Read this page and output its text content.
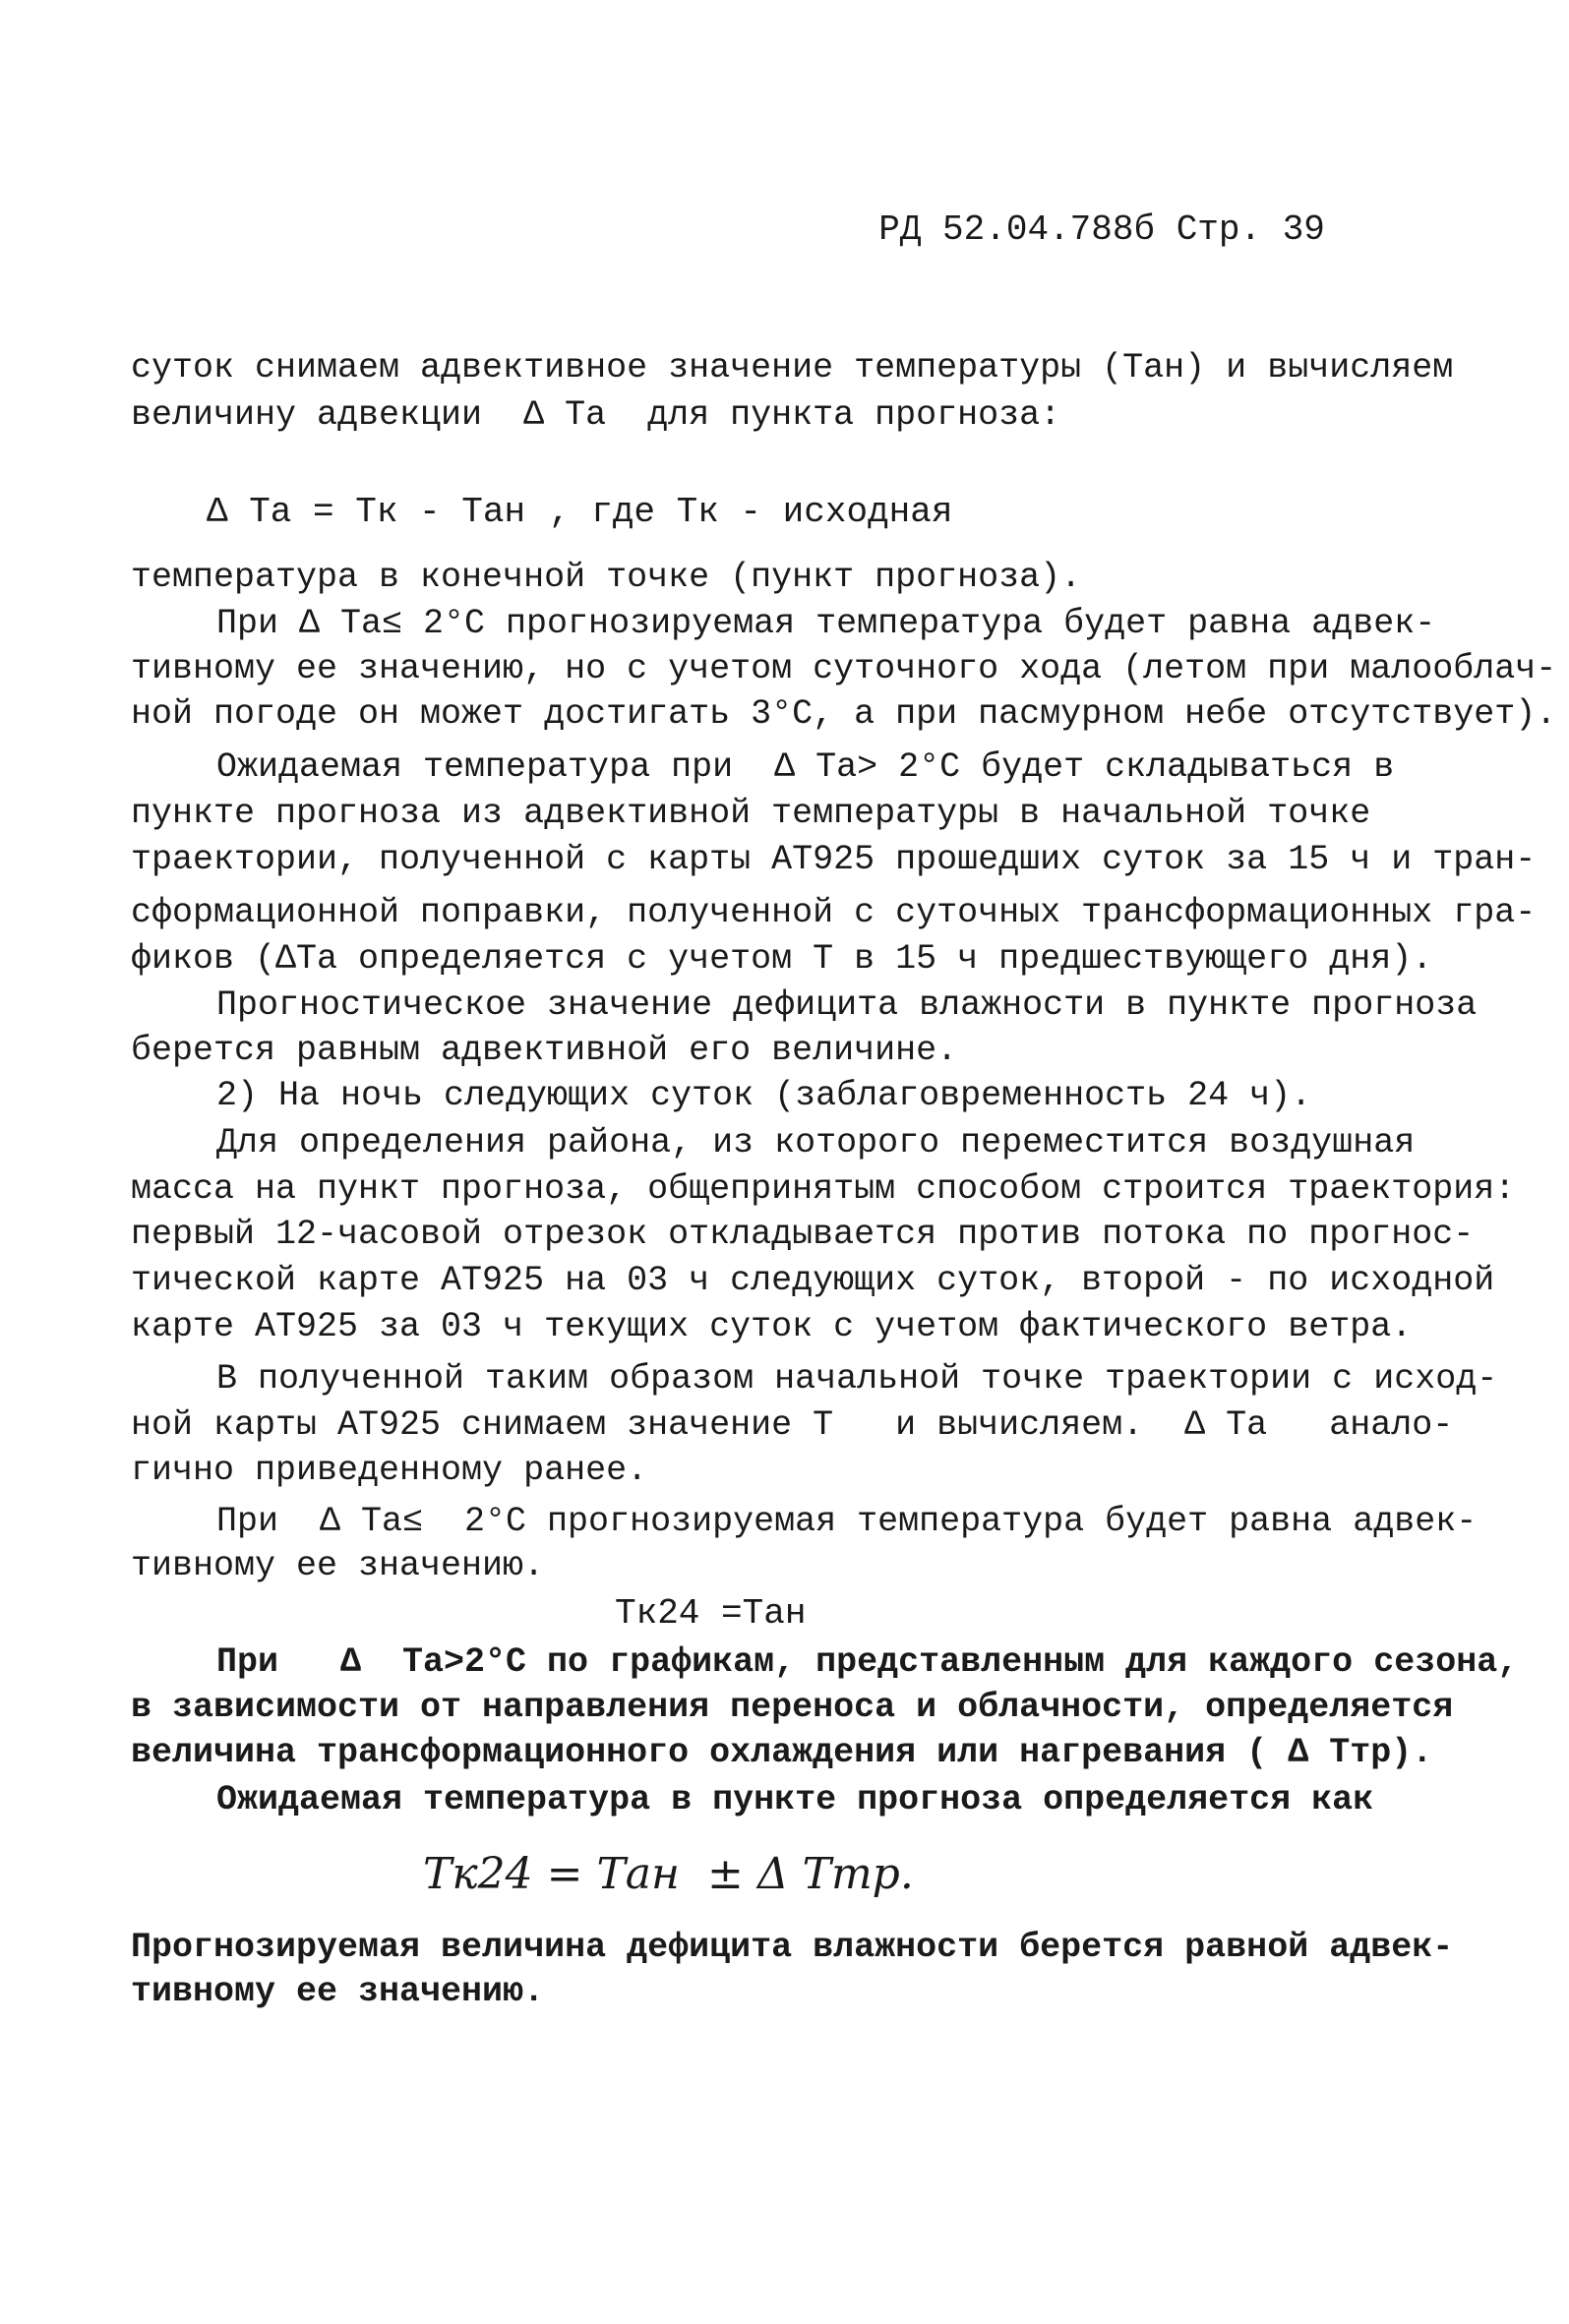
РД 52.04.788б Стр. 39

суток снимаем адвективное значение температуры (Тaн) и вычисляем
величину адвекции  Δ Тa  для пункта прогноза:
Δ Тa = Тк - Тaн , где Тк - исходная
температура в конечной точке (пункт прогноза).
При Δ Тa≤ 2°C прогнозируемая температура будет равна адвек-
тивному ее значению, но с учетом суточного хода (летом при малооблач-
ной погоде он может достигать 3°C, а при пасмурном небе отсутствует).
Ожидаемая температура при  Δ Тa> 2°С будет складываться в
пункте прогноза из адвективной температуры в начальной точке
траектории, полученной с карты АТ925 прошедших суток за 15 ч и тран-
сформационной поправки, полученной с суточных трансформационных гра-
фиков (ΔТa определяется с учетом Т в 15 ч предшествующего дня).
Прогностическое значение дефицита влажности в пункте прогноза
берется равным адвективной его величине.
2) На ночь следующих суток (заблаговременность 24 ч).
Для определения района, из которого переместится воздушная
масса на пункт прогноза, общепринятым способом строится траектория:
первый 12-часовой отрезок откладывается против потока по прогнос-
тической карте АТ925 на 03 ч следующих суток, второй - по исходной
карте АТ925 за 03 ч текущих суток с учетом фактического ветра.
В полученной таким образом начальной точке траектории с исход-
ной карты АТ925 снимаем значение Т   и вычисляем.  Δ Тa   анало-
гично приведенному ранее.
При  Δ Тa≤  2°С прогнозируемая температура будет равна адвек-
тивному ее значению.
Тк24 =Тaн
При   Δ  Тa>2°С по графикам, представленным для каждого сезона,
в зависимости от направления переноса и облачности, определяется
величина трансформационного охлаждения или нагревания ( Δ Ттр).
Ожидаемая температура в пункте прогноза определяется как
Тк24 = Тaн  ± Δ Ттр.
Прогнозируемая величина дефицита влажности берется равной адвек-
тивному ее значению.
